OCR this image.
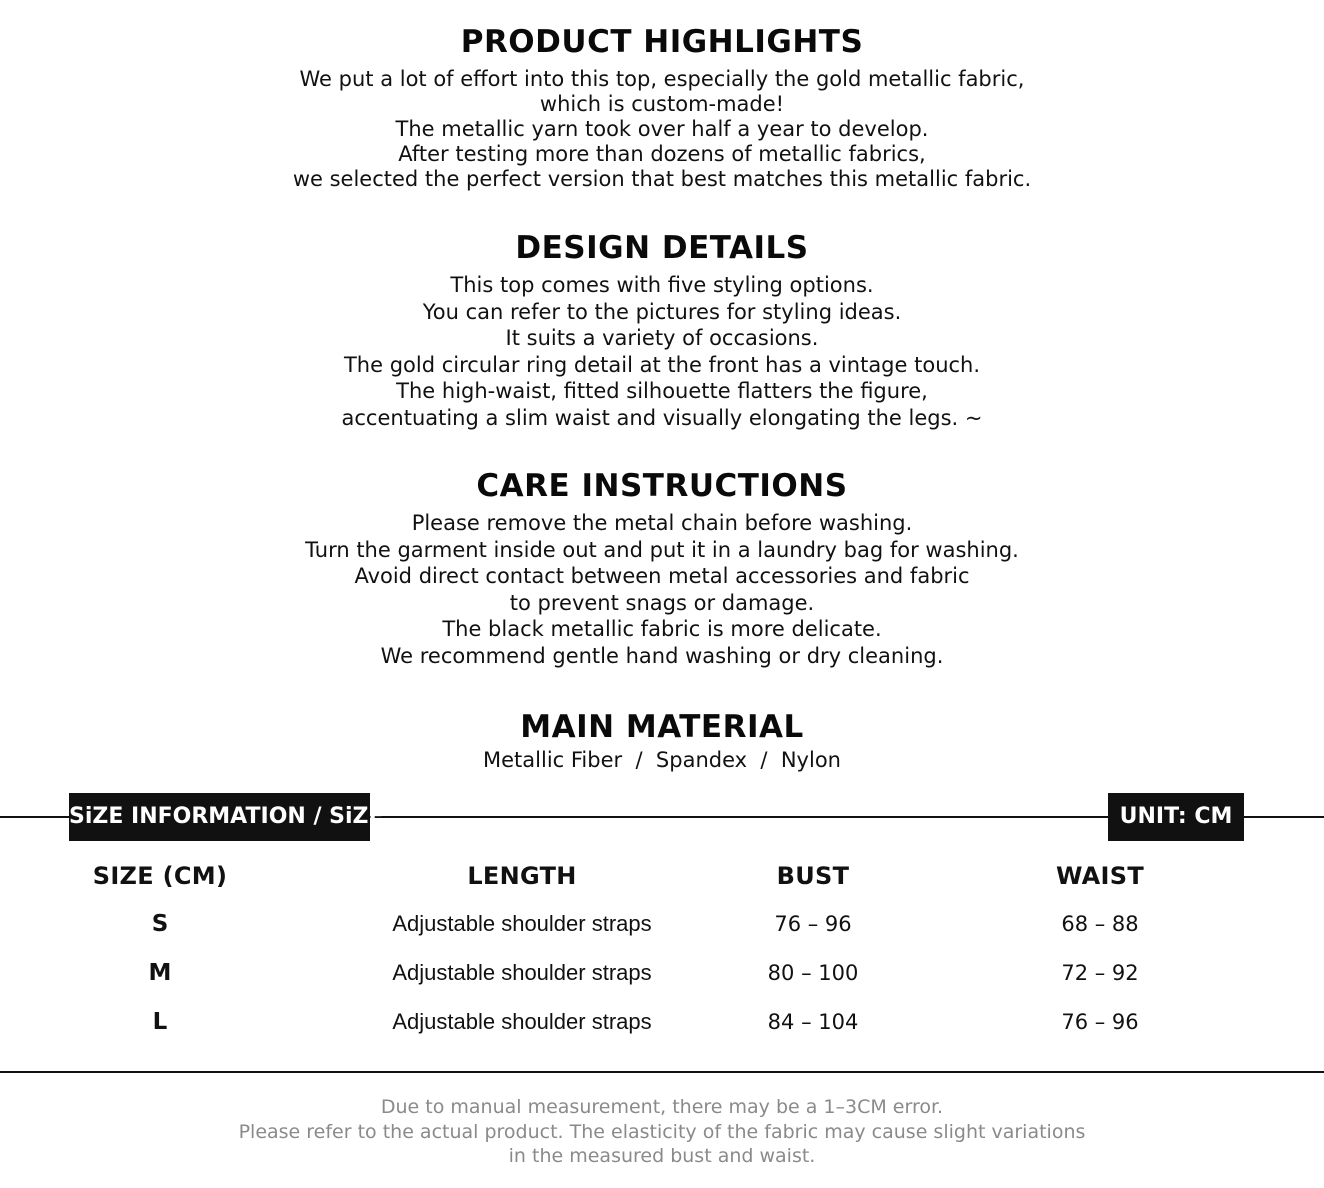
PRODUCT HIGHLIGHTS
We put a lot of effort into this top, especially the gold metallic fabric,
which is custom-made!
The metallic yarn took over half a year to develop.
After testing more than dozens of metallic fabrics,
we selected the perfect version that best matches this metallic fabric.
DESIGN DETAILS
This top comes with five styling options.
You can refer to the pictures for styling ideas.
It suits a variety of occasions.
The gold circular ring detail at the front has a vintage touch.
The high-waist, fitted silhouette flatters the figure,
accentuating a slim waist and visually elongating the legs. ~
CARE INSTRUCTIONS
Please remove the metal chain before washing.
Turn the garment inside out and put it in a laundry bag for washing.
Avoid direct contact between metal accessories and fabric
to prevent snags or damage.
The black metallic fabric is more delicate.
We recommend gentle hand washing or dry cleaning.
MAIN MATERIAL
Metallic Fiber  /  Spandex  /  Nylon
SiZE INFORMATION / SiZE	UNIT: CM
SIZE (CM)	LENGTH	BUST	WAIST
S	Adjustable shoulder straps	76 – 96	68 – 88
M	Adjustable shoulder straps	80 – 100	72 – 92
L	Adjustable shoulder straps	84 – 104	76 – 96
Due to manual measurement, there may be a 1–3CM error.
Please refer to the actual product. The elasticity of the fabric may cause slight variations
in the measured bust and waist.
